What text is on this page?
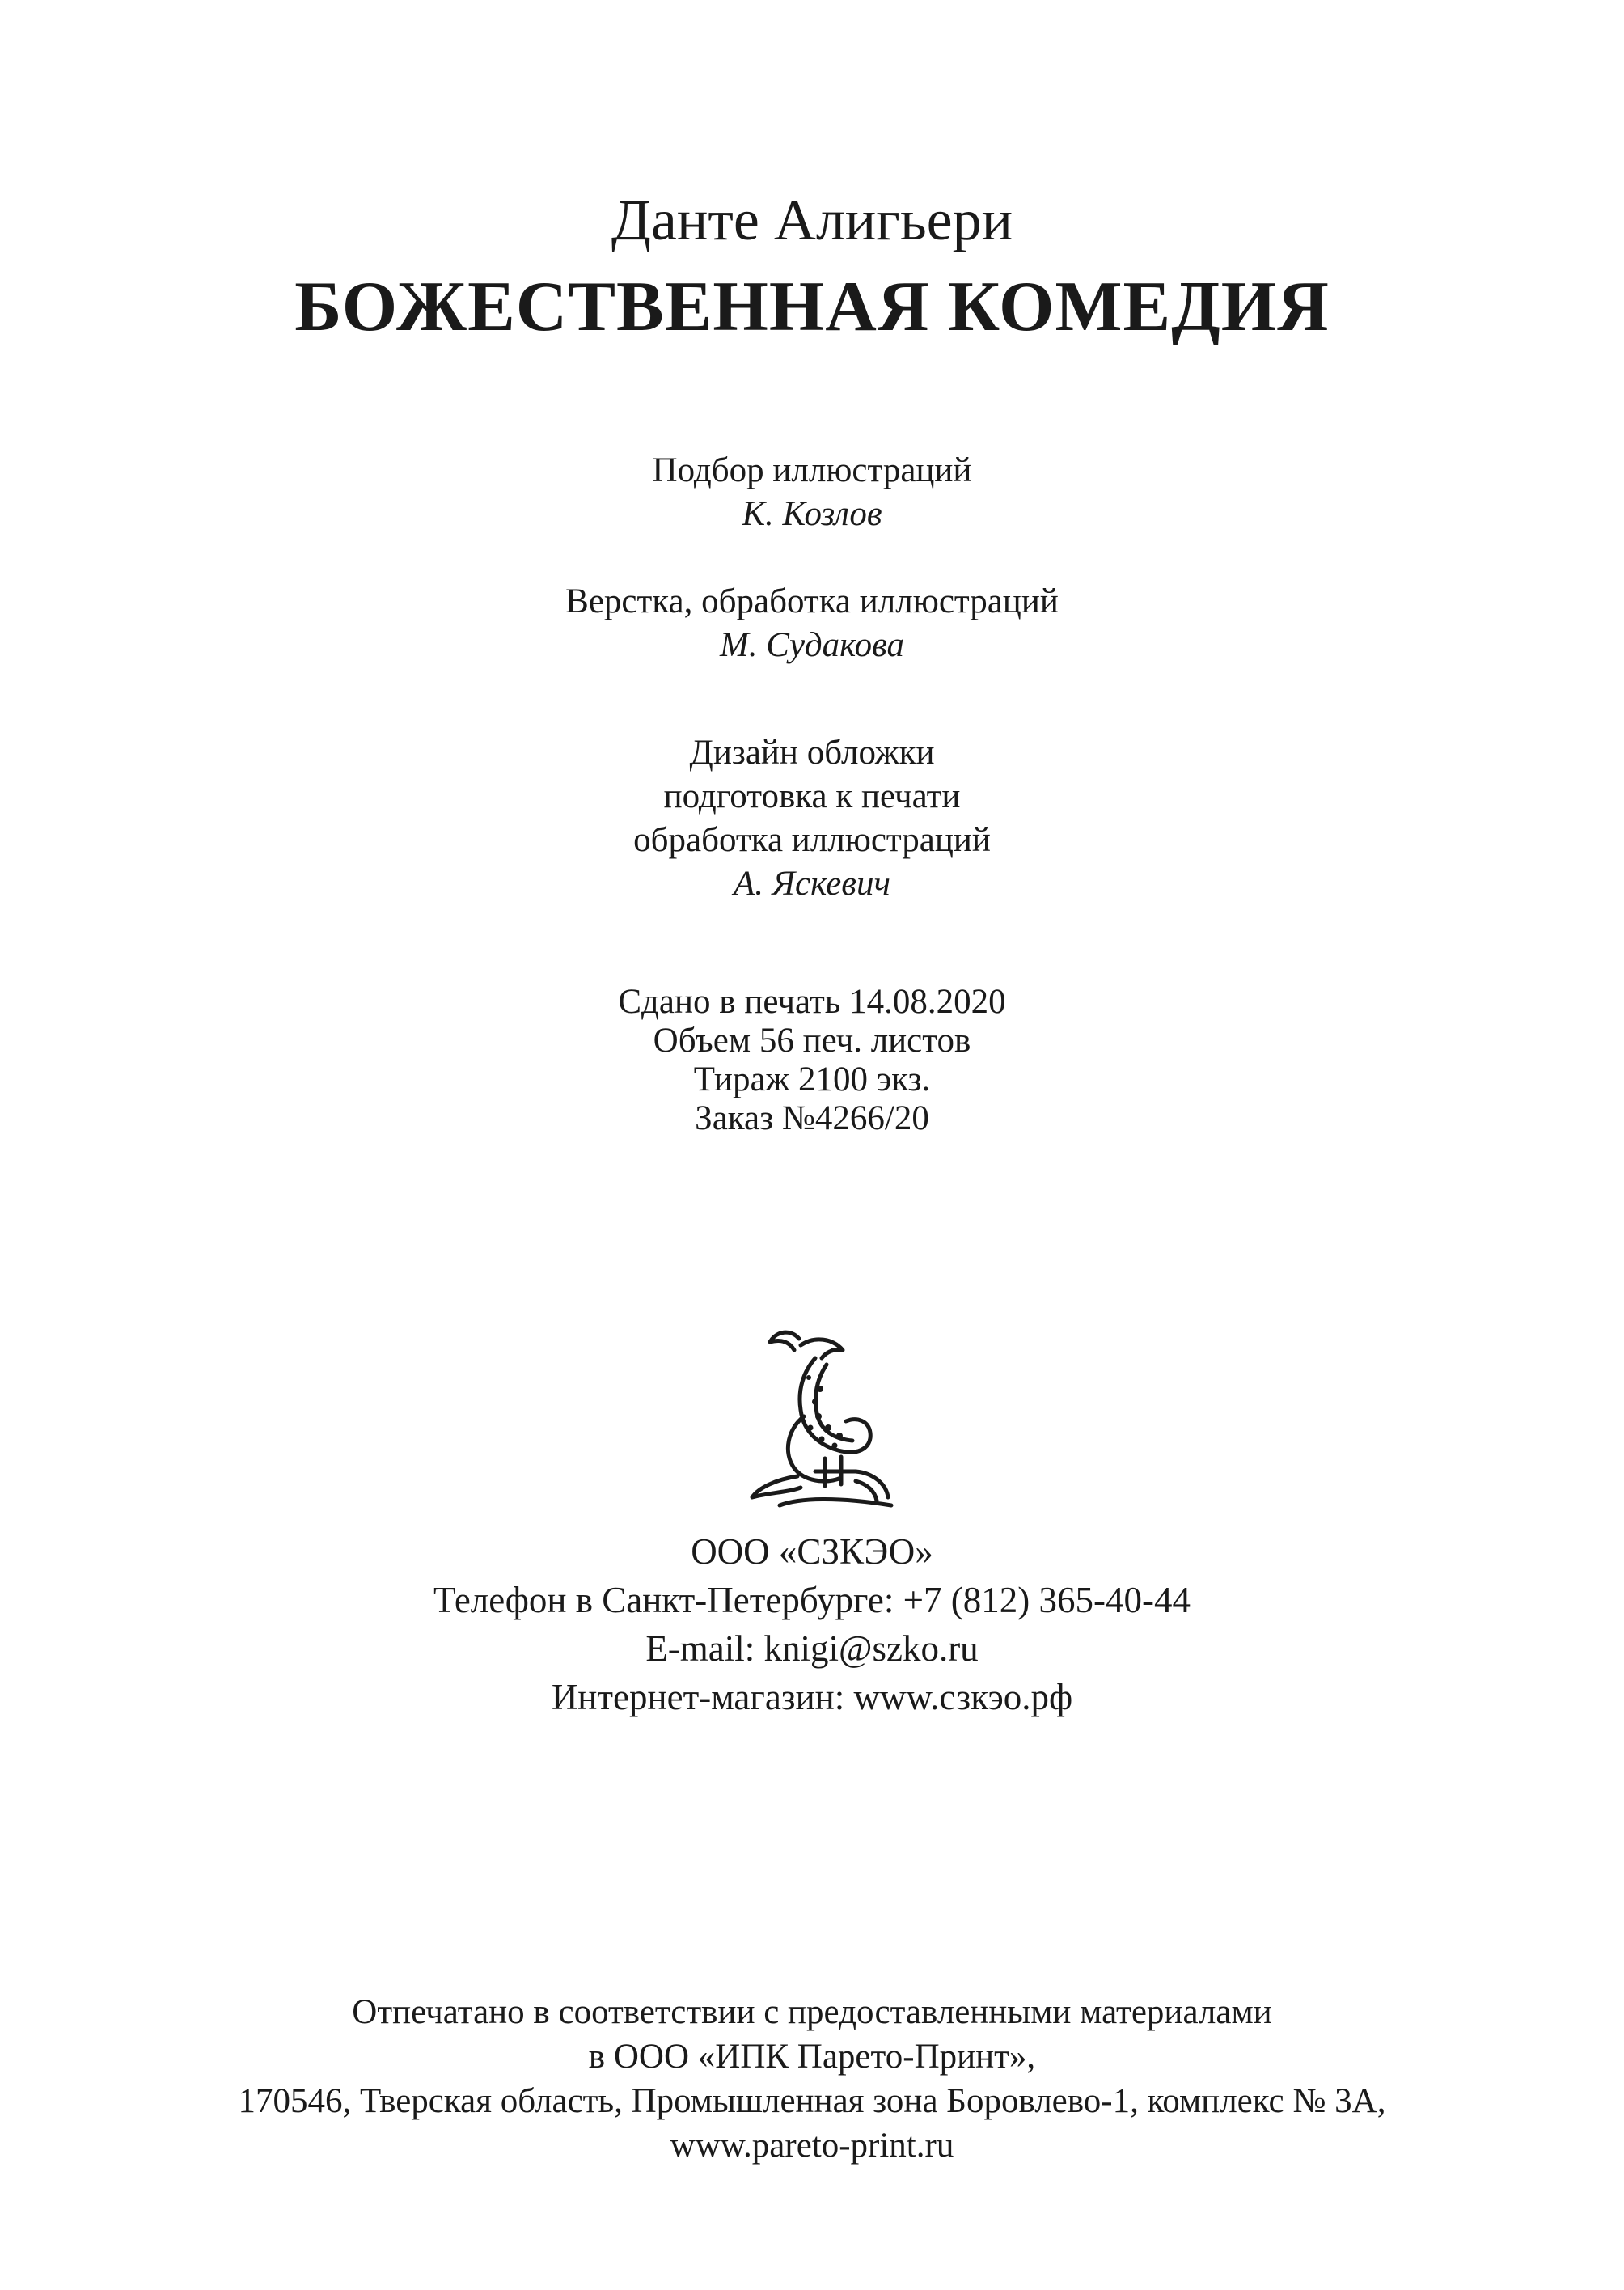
Данте Алигьери
БОЖЕСТВЕННАЯ КОМЕДИЯ
Подбор иллюстраций
К. Козлов
Верстка, обработка иллюстраций
М. Судакова
Дизайн обложки
подготовка к печати
обработка иллюстраций
А. Яскевич
Сдано в печать 14.08.2020
Объем 56 печ. листов
Тираж 2100 экз.
Заказ №4266/20
ООО «СЗКЭО»
Телефон в Санкт-Петербурге: +7 (812) 365-40-44
E-mail: knigi@szko.ru
Интернет-магазин: www.сзкэо.рф
Отпечатано в соответствии с предоставленными материалами
в ООО «ИПК Парето-Принт»,
170546, Тверская область, Промышленная зона Боровлево-1, комплекс № 3А,
www.pareto-print.ru
